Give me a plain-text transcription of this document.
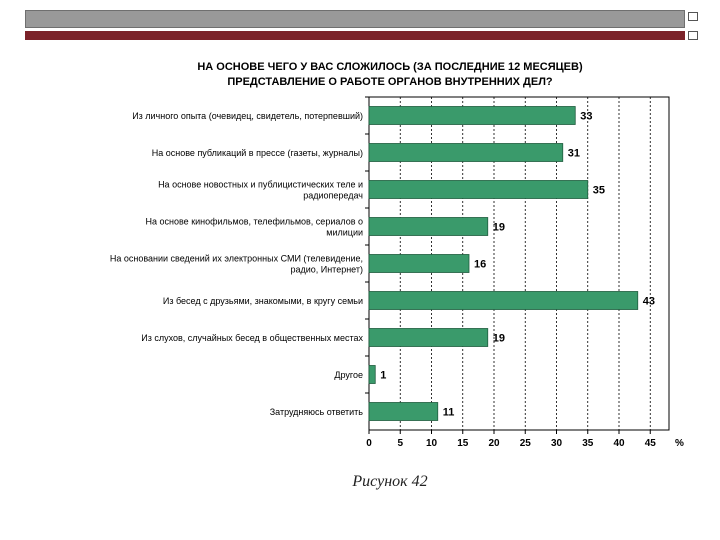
НА ОСНОВЕ ЧЕГО У ВАС СЛОЖИЛОСЬ (ЗА ПОСЛЕДНИЕ 12 МЕСЯЦЕВ)
ПРЕДСТАВЛЕНИЕ О РАБОТЕ ОРГАНОВ ВНУТРЕННИХ ДЕЛ?
0	5 10 15 20 25 30 35 40 45 %
33
Из личного опыта (очевидец, свидетель, потерпевший)
31
На основе публикаций в прессе (газеты, журналы)
35
На основе новостных и публицистических теле и радиопередач
19
На основе кинофильмов, телефильмов, сериалов о милиции
16
На основании сведений их электронных СМИ (телевидение, радио, Интернет)
43
Из бесед с друзьями, знакомыми, в кругу семьи
19
Из слухов, случайных бесед в общественных местах
1
Другое
11
Затрудняюсь ответить
Рисунок 42
